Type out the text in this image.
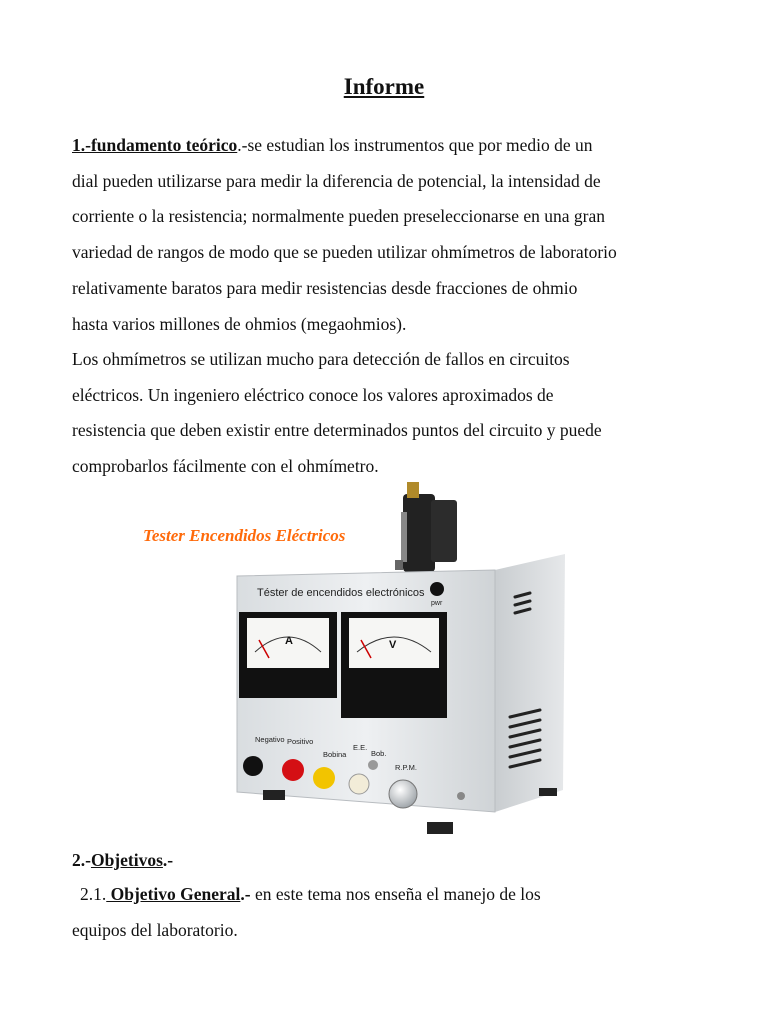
Informe

1.-fundamento teórico.-se estudian los instrumentos que por medio de un
dial pueden utilizarse para medir la diferencia de potencial, la intensidad de
corriente o la resistencia; normalmente pueden preseleccionarse en una gran
variedad de rangos de modo que se pueden utilizar ohmímetros de laboratorio
relativamente baratos para medir resistencias desde fracciones de ohmio
hasta varios millones de ohmios (megaohmios).

Los ohmímetros se utilizan mucho para detección de fallos en circuitos
eléctricos. Un ingeniero eléctrico conoce los valores aproximados de
resistencia que deben existir entre determinados puntos del circuito y puede
comprobarlos fácilmente con el ohmímetro.

Tester Encendidos Eléctricos

Téster de encendidos electrónicos
pwr
A	V
Negativo Positivo
Bobina
E.E.
Bob.
R.P.M.

2.-Objetivos.-

2.1. Objetivo General.- en este tema nos enseña el manejo de los

equipos del laboratorio.
